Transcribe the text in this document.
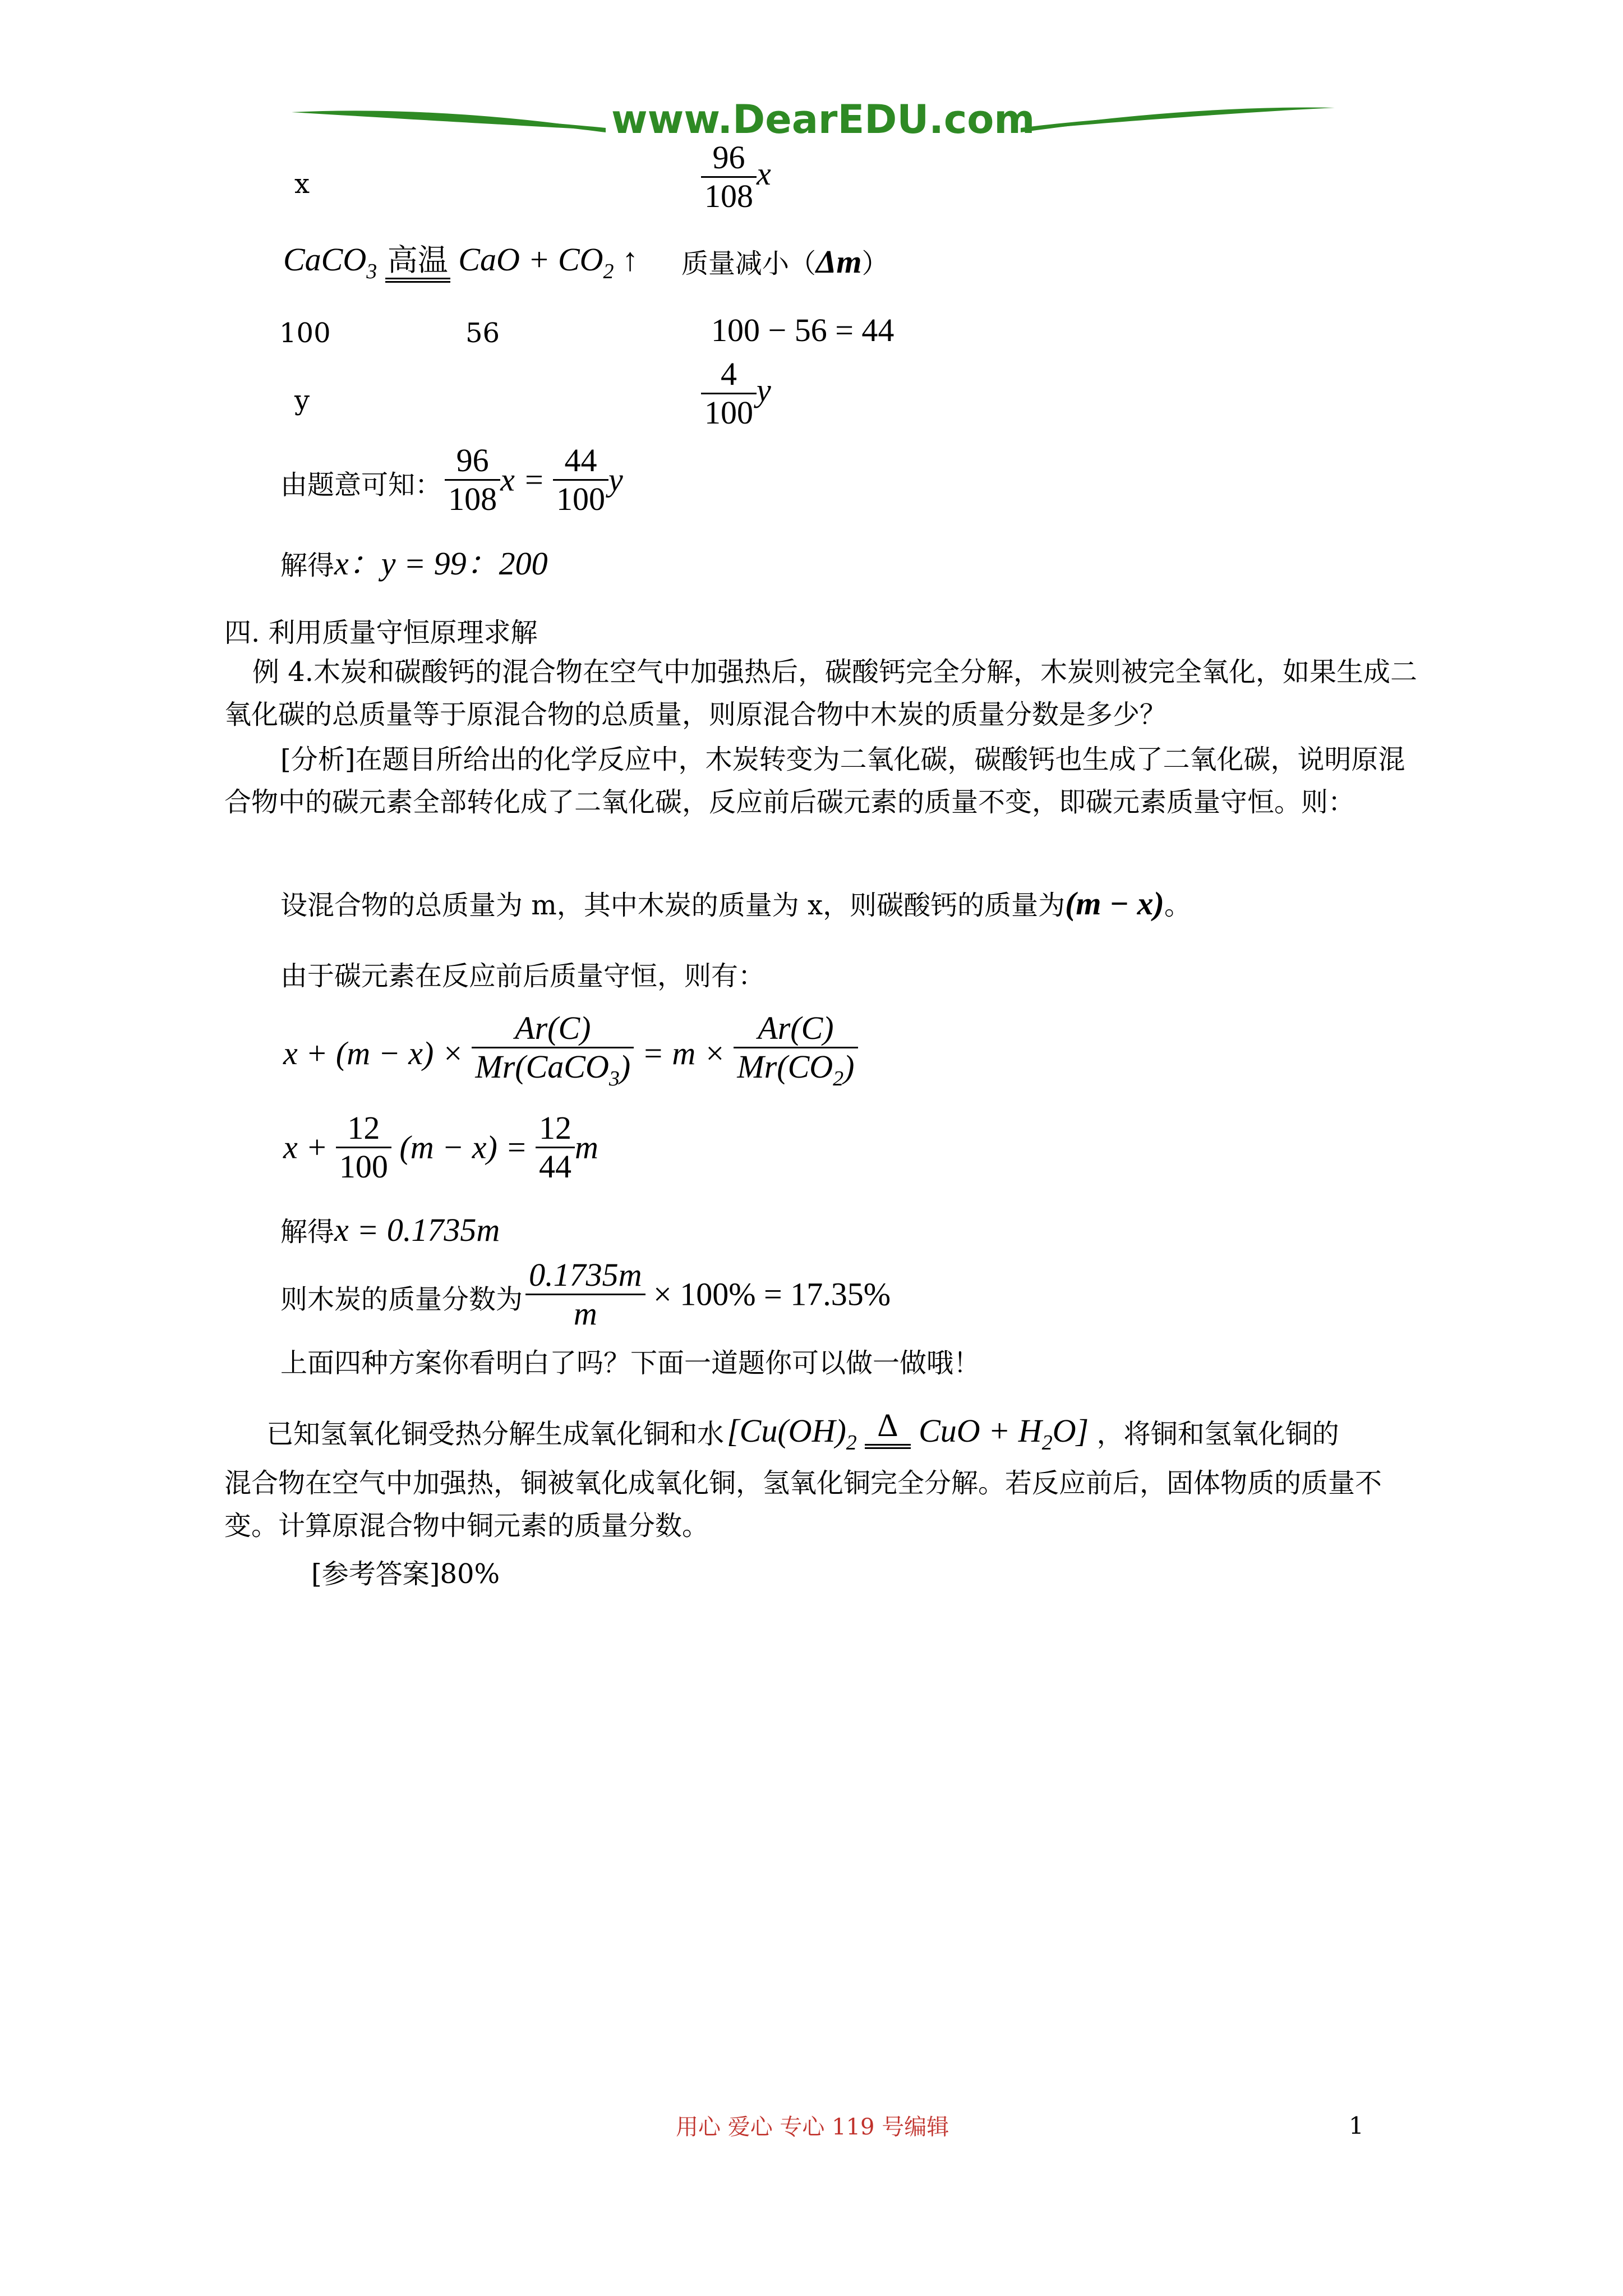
www.DearEDU.com
x	$\frac{96}{108}$ x
CaCO$_3$ 高温 CaO + $CO_2$ ↑ 质量减小（Δm）
100	56	100 − 56 = 44
y	$\frac{4}{100}$ y
由题意可知： $\frac{96}{108}$ $x = \frac{44}{100}$ y
解得x：y = 99：200
四. 利用质量守恒原理求解
例 4.木炭和碳酸钙的混合物在空气中加强热后，碳酸钙完全分解，木炭则被完全氧化，如果生成二氧化碳的总质量等于原混合物的总质量，则原混合物中木炭的质量分数是多少？
[分析]在题目所给出的化学反应中，木炭转变为二氧化碳，碳酸钙也生成了二氧化碳，说明原混合物中的碳元素全部转化成了二氧化碳，反应前后碳元素的质量不变，即碳元素质量守恒。则：
设混合物的总质量为 m，其中木炭的质量为 x，则碳酸钙的质量为(m − x)。
由于碳元素在反应前后质量守恒，则有：
$x + (m - x) \times \frac{Ar(C)}{Mr(CaCO_3)} = m \times \frac{Ar(C)}{Mr(CO_2)}$
$x + \frac{12}{100} (m - x) = \frac{12}{44}$ m
解得x = 0.1735m
则木炭的质量分数为 $\frac{0.1735m}{m} \times 100\% = 17.35\%$
上面四种方案你看明白了吗？下面一道题你可以做一做哦！
已知氢氧化铜受热分解生成氧化铜和水 [$Cu(OH)_2$ Δ CuO + $H_2O$] ，将铜和氢氧化铜的
混合物在空气中加强热，铜被氧化成氧化铜，氢氧化铜完全分解。若反应前后，固体物质的质量不变。计算原混合物中铜元素的质量分数。
[参考答案]80%
用心 爱心 专心 119 号编辑	1
